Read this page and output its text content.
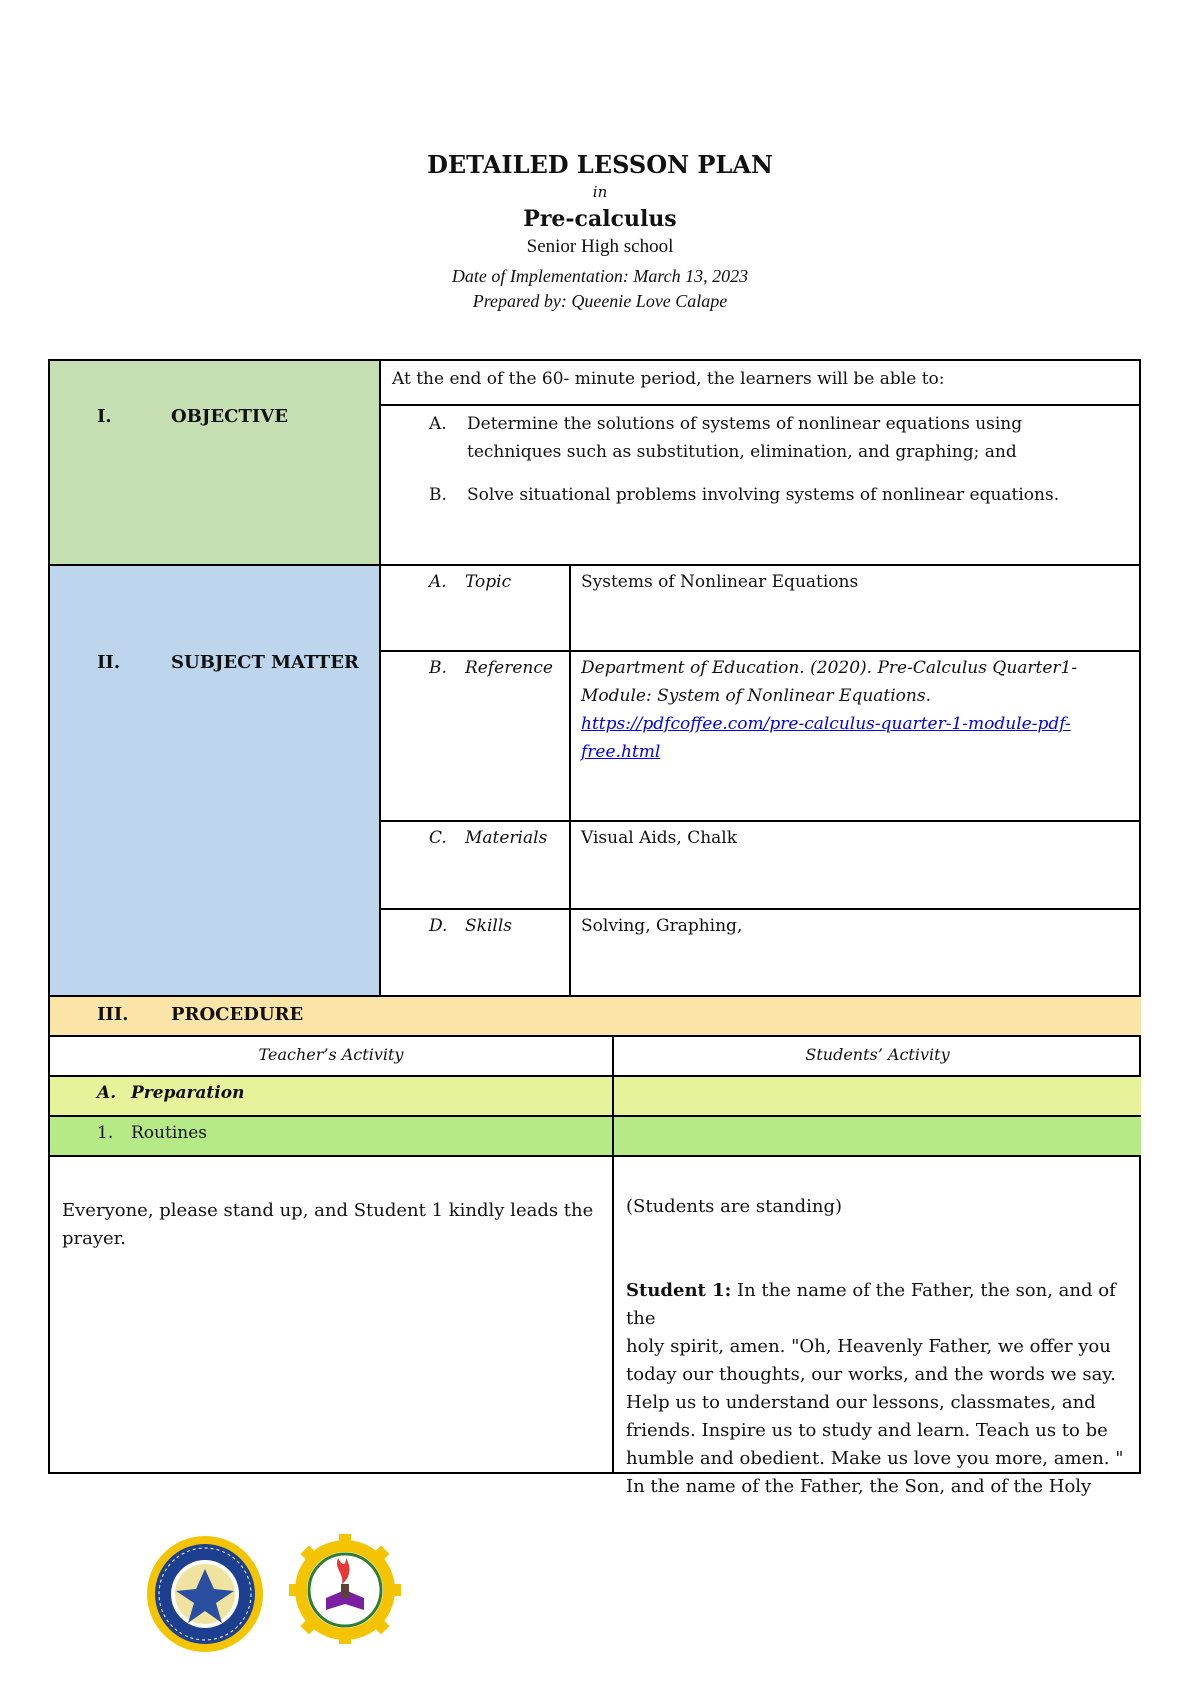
DETAILED LESSON PLAN
in
Pre-calculus
Senior High school
Date of Implementation: March 13, 2023
Prepared by: Queenie Love Calape
I.	OBJECTIVE
At the end of the 60- minute period, the learners will be able to:
A.	Determine the solutions of systems of nonlinear equations using
techniques such as substitution, elimination, and graphing; and
B.	Solve situational problems involving systems of nonlinear equations.
II.	SUBJECT MATTER
A. Topic	Systems of Nonlinear Equations
B. Reference	Department of Education. (2020). Pre-Calculus Quarter1-
Module: System of Nonlinear Equations.
https://pdfcoffee.com/pre-calculus-quarter-1-module-pdf-
free.html
C. Materials	Visual Aids, Chalk
D. Skills	Solving, Graphing,
III. PROCEDURE
Teacher’s Activity	Students’ Activity
A. Preparation
1. Routines
Everyone, please stand up, and Student 1 kindly leads the
prayer.
(Students are standing)
Student 1: In the name of the Father, the son, and of the
holy spirit, amen. "Oh, Heavenly Father, we offer you
today our thoughts, our works, and the words we say.
Help us to understand our lessons, classmates, and
friends. Inspire us to study and learn. Teach us to be
humble and obedient. Make us love you more, amen. "
In the name of the Father, the Son, and of the Holy
